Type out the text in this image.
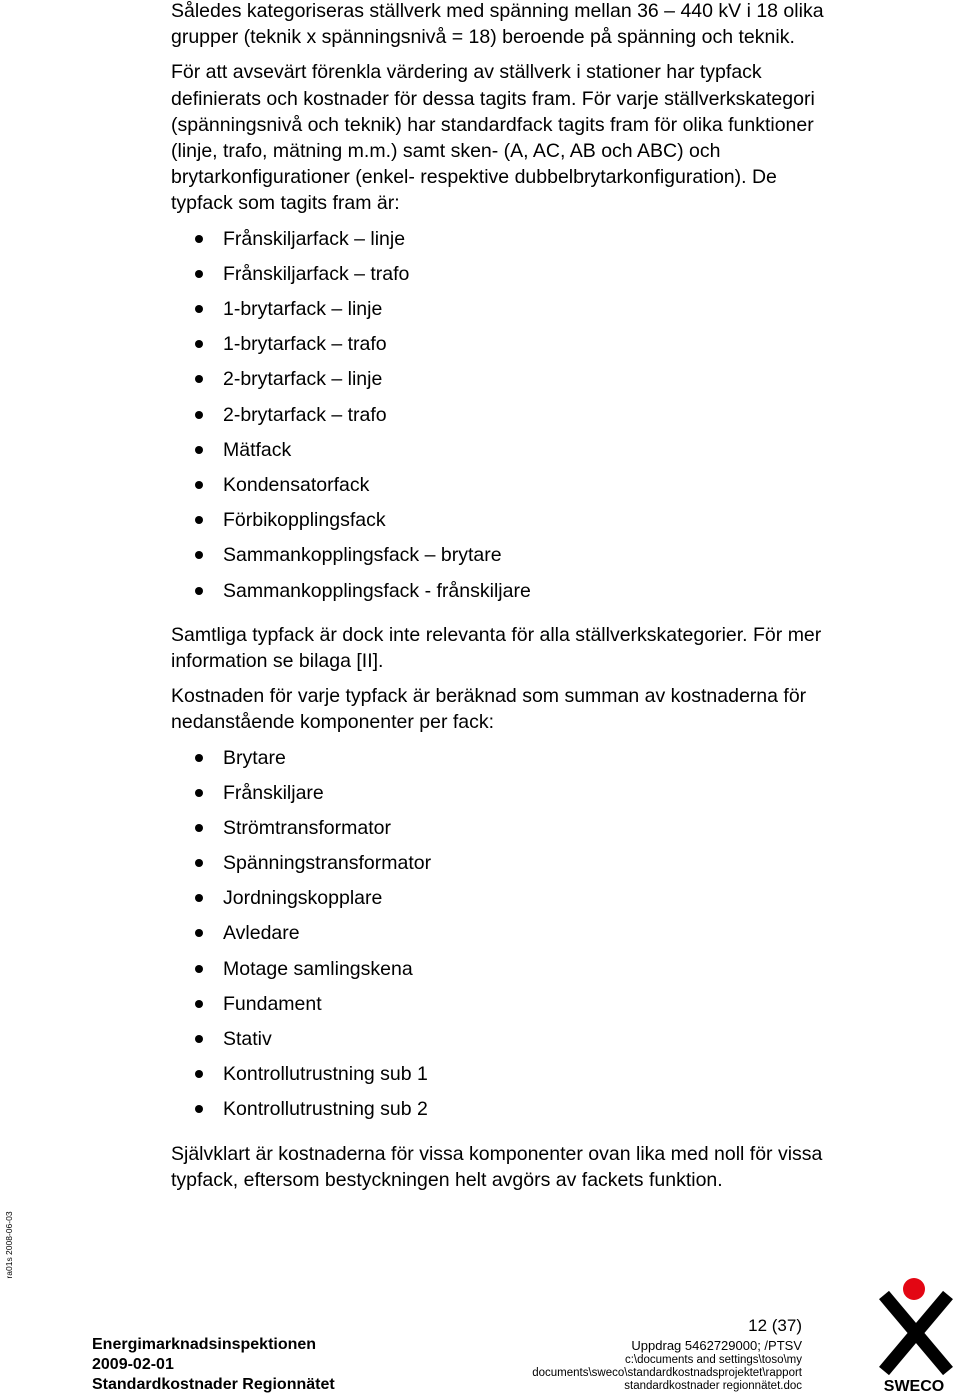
Således kategoriseras ställverk med spänning mellan 36 – 440 kV i 18 olika grupper (teknik x spänningsnivå = 18) beroende på spänning och teknik.

För att avsevärt förenkla värdering av ställverk i stationer har typfack definierats och kostnader för dessa tagits fram. För varje ställverkskategori (spänningsnivå och teknik) har standardfack tagits fram för olika funktioner (linje, trafo, mätning m.m.) samt sken- (A, AC, AB och ABC) och brytarkonfigurationer (enkel- respektive dubbelbrytarkonfiguration). De typfack som tagits fram är:

Frånskiljarfack – linje
Frånskiljarfack – trafo
1-brytarfack – linje
1-brytarfack – trafo
2-brytarfack – linje
2-brytarfack – trafo
Mätfack
Kondensatorfack
Förbikopplingsfack
Sammankopplingsfack – brytare
Sammankopplingsfack - frånskiljare

Samtliga typfack är dock inte relevanta för alla ställverkskategorier. För mer information se bilaga [II].

Kostnaden för varje typfack är beräknad som summan av kostnaderna för nedanstående komponenter per fack:

Brytare
Frånskiljare
Strömtransformator
Spänningstransformator
Jordningskopplare
Avledare
Motage samlingskena
Fundament
Stativ
Kontrollutrustning sub 1
Kontrollutrustning sub 2

Självklart är kostnaderna för vissa komponenter ovan lika med noll för vissa typfack, eftersom bestyckningen helt avgörs av fackets funktion.

ra01s 2008-06-03
12 (37)
Energimarknadsinspektionen
2009-02-01
Standardkostnader Regionnätet
Uppdrag 5462729000; /PTSV
c:\documents and settings\toso\my
documents\sweco\standardkostnadsprojektet\rapport
standardkostnader regionnätet.doc	SWECO
